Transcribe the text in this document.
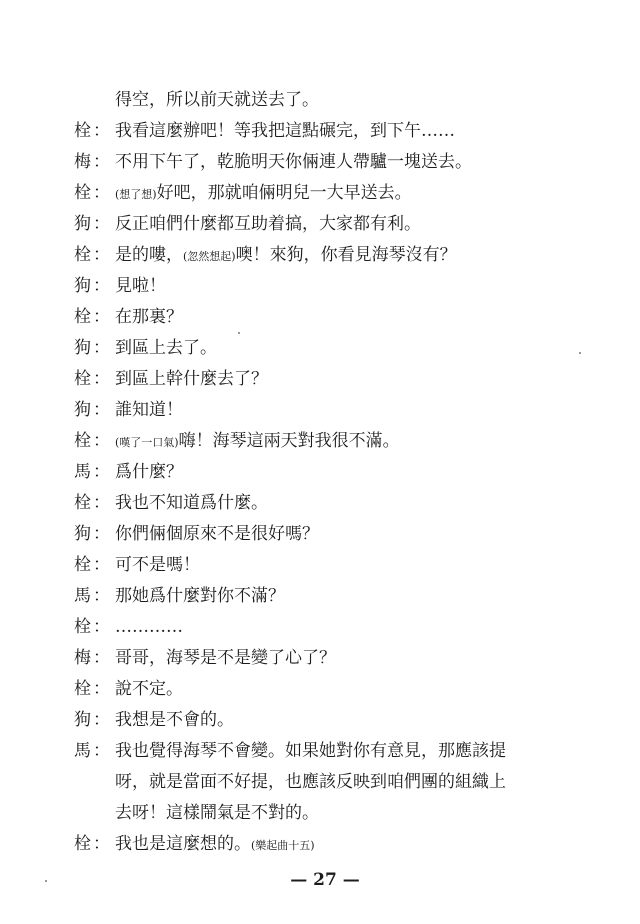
得空，所以前天就送去了。
栓： 我看這麼辦吧！等我把這點碾完，到下午……
梅： 不用下午了，乾脆明天你倆連人帶驢一塊送去。
栓： (想了想)好吧，那就咱倆明兒一大早送去。
狗： 反正咱們什麼都互助着搞，大家都有利。
栓： 是的嘍，(忽然想起)噢！來狗，你看見海琴沒有？
狗： 見啦！
栓： 在那裏？
狗： 到區上去了。
栓： 到區上幹什麼去了？
狗： 誰知道！
栓： (嘆了一口氣)嗨！海琴這兩天對我很不滿。
馬： 爲什麼？
栓： 我也不知道爲什麼。
狗： 你們倆個原來不是很好嗎？
栓： 可不是嗎！
馬： 那她爲什麼對你不滿？
栓： …………
梅： 哥哥，海琴是不是變了心了？
栓： 說不定。
狗： 我想是不會的。
馬： 我也覺得海琴不會變。如果她對你有意見，那應該提
呀，就是當面不好提，也應該反映到咱們團的組織上
去呀！這樣鬧氣是不對的。
栓： 我也是這麼想的。(樂起曲十五)
— 27 —
